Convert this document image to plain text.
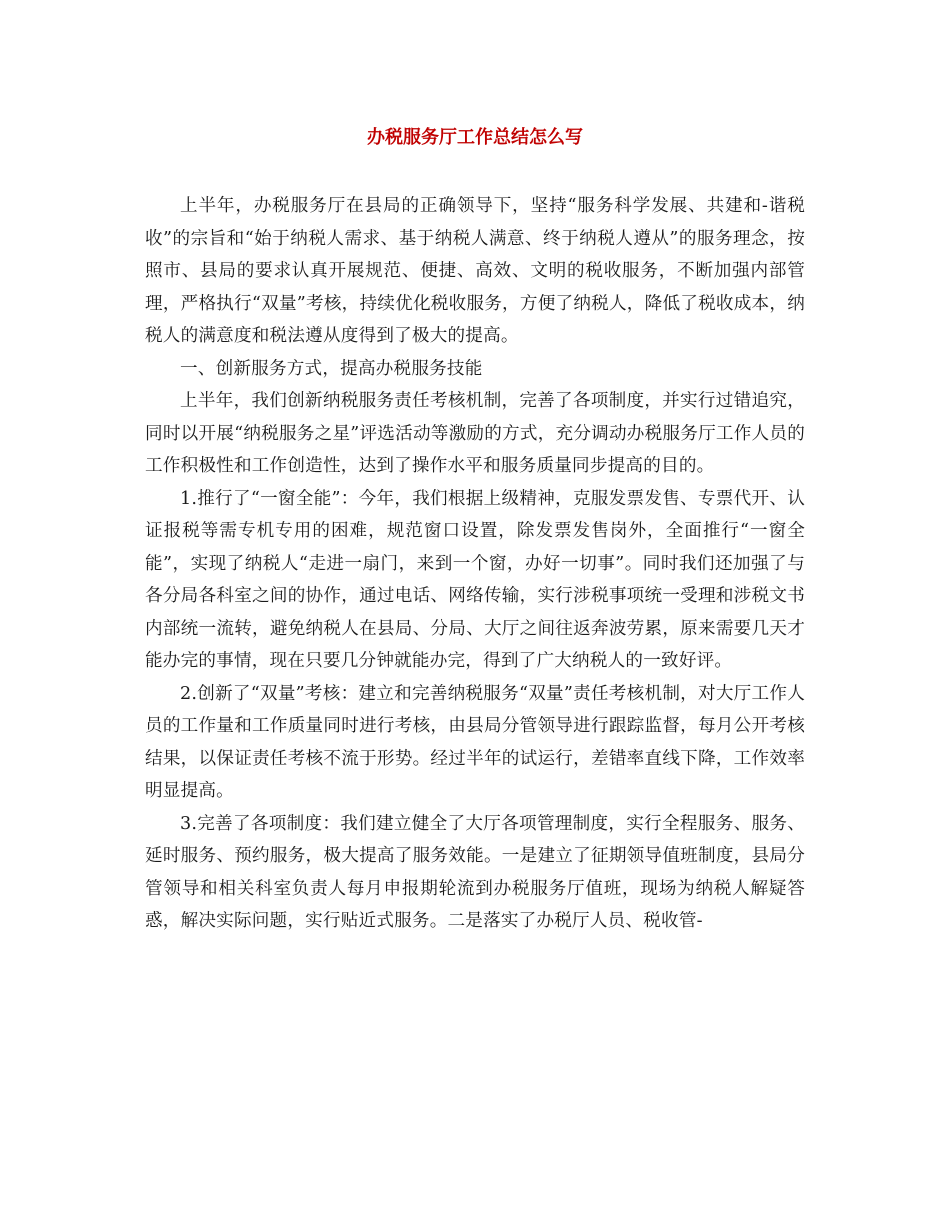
办税服务厅工作总结怎么写

上半年，办税服务厅在县局的正确领导下，坚持“服务科学发展、共建和-谐税收”的宗旨和“始于纳税人需求、基于纳税人满意、终于纳税人遵从”的服务理念，按照市、县局的要求认真开展规范、便捷、高效、文明的税收服务，不断加强内部管理，严格执行“双量”考核，持续优化税收服务，方便了纳税人，降低了税收成本，纳税人的满意度和税法遵从度得到了极大的提高。

一、创新服务方式，提高办税服务技能

上半年，我们创新纳税服务责任考核机制，完善了各项制度，并实行过错追究，同时以开展“纳税服务之星”评选活动等激励的方式，充分调动办税服务厅工作人员的工作积极性和工作创造性，达到了操作水平和服务质量同步提高的目的。

1.推行了“一窗全能”：今年，我们根据上级精神，克服发票发售、专票代开、认证报税等需专机专用的困难，规范窗口设置，除发票发售岗外，全面推行“一窗全能”，实现了纳税人“走进一扇门，来到一个窗，办好一切事”。同时我们还加强了与各分局各科室之间的协作，通过电话、网络传输，实行涉税事项统一受理和涉税文书内部统一流转，避免纳税人在县局、分局、大厅之间往返奔波劳累，原来需要几天才能办完的事情，现在只要几分钟就能办完，得到了广大纳税人的一致好评。

2.创新了“双量”考核：建立和完善纳税服务“双量”责任考核机制，对大厅工作人员的工作量和工作质量同时进行考核，由县局分管领导进行跟踪监督，每月公开考核结果，以保证责任考核不流于形势。经过半年的试运行，差错率直线下降，工作效率明显提高。

3.完善了各项制度：我们建立健全了大厅各项管理制度，实行全程服务、服务、延时服务、预约服务，极大提高了服务效能。一是建立了征期领导值班制度，县局分管领导和相关科室负责人每月申报期轮流到办税服务厅值班，现场为纳税人解疑答惑，解决实际问题，实行贴近式服务。二是落实了办税厅人员、税收管-
